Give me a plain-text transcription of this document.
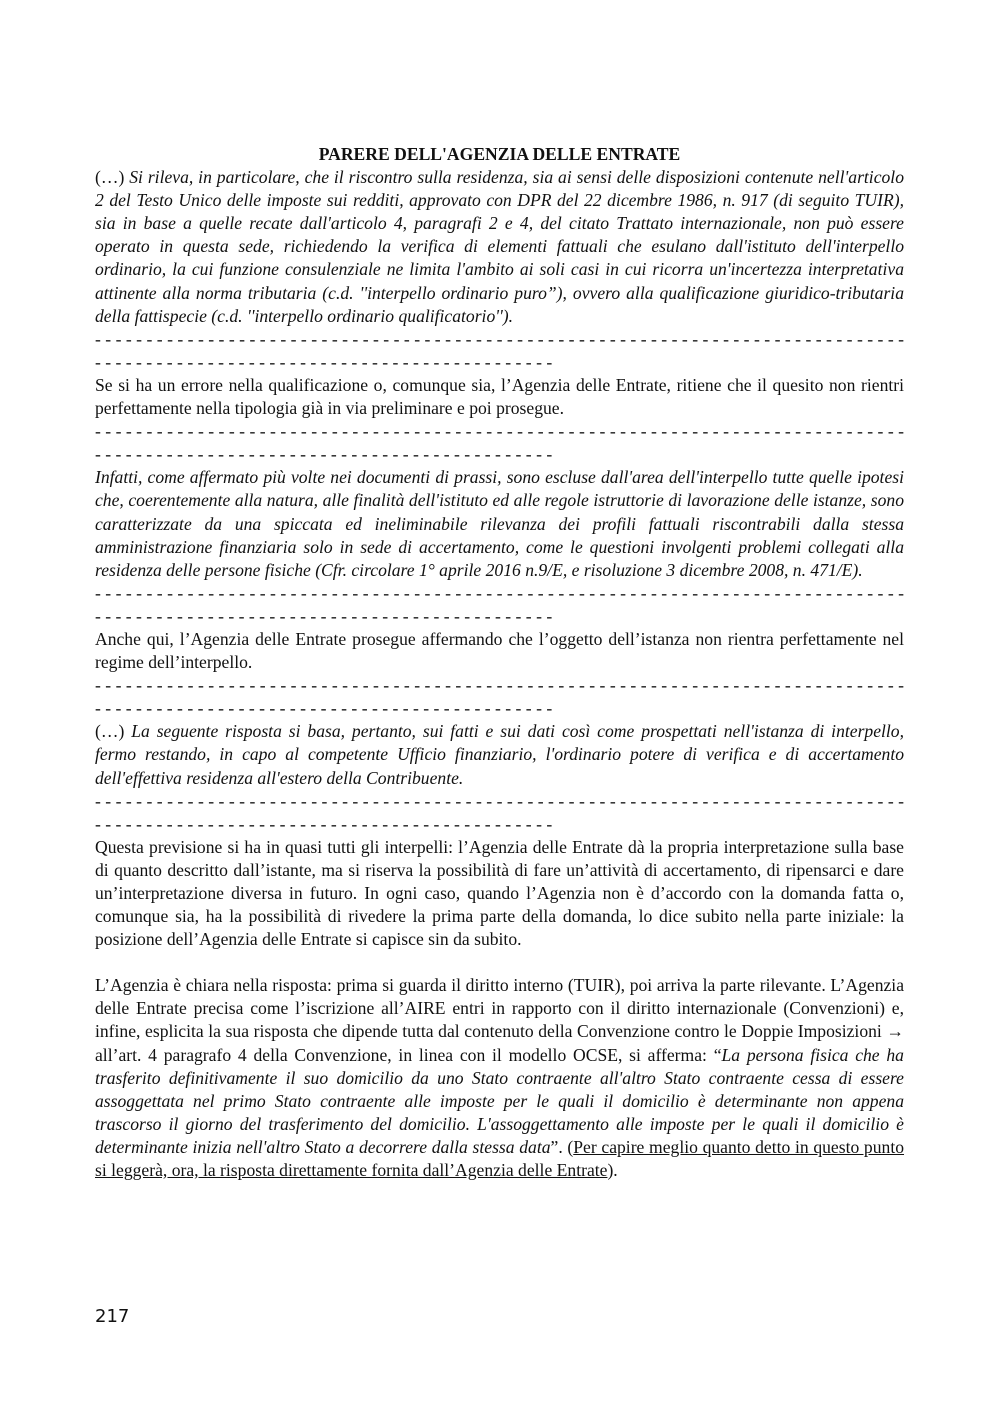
PARERE DELL'AGENZIA DELLE ENTRATE
(…) Si rileva, in particolare, che il riscontro sulla residenza, sia ai sensi delle disposizioni contenute nell'articolo 2 del Testo Unico delle imposte sui redditi, approvato con DPR del 22 dicembre 1986, n. 917 (di seguito TUIR), sia in base a quelle recate dall'articolo 4, paragrafi 2 e 4, del citato Trattato internazionale, non può essere operato in questa sede, richiedendo la verifica di elementi fattuali che esulano dall'istituto dell'interpello ordinario, la cui funzione consulenziale ne limita l'ambito ai soli casi in cui ricorra un'incertezza interpretativa attinente alla norma tributaria (c.d. ''interpello ordinario puro”), ovvero alla qualificazione giuridico-tributaria della fattispecie (c.d. ''interpello ordinario qualificatorio'').
- - - - - - - - - - - - - - - - - - - - - - - - - - - - - - - - - - - - - - - - - - - - - - - - - - - - - - - - - - - - - - - - - - - - - - - - - - - - - - - - - - - - - - - - - - - - - - - - - - - - - - - - - - - - - - - - - - - - - - - - - - - -
Se si ha un errore nella qualificazione o, comunque sia, l’Agenzia delle Entrate, ritiene che il quesito non rientri perfettamente nella tipologia già in via preliminare e poi prosegue.
- - - - - - - - - - - - - - - - - - - - - - - - - - - - - - - - - - - - - - - - - - - - - - - - - - - - - - - - - - - - - - - - - - - - - - - - - - - - - - - - - - - - - - - - - - - - - - - - - - - - - - - - - - - - - - - - - - - - - - - - - - - -
Infatti, come affermato più volte nei documenti di prassi, sono escluse dall'area dell'interpello tutte quelle ipotesi che, coerentemente alla natura, alle finalità dell'istituto ed alle regole istruttorie di lavorazione delle istanze, sono caratterizzate da una spiccata ed ineliminabile rilevanza dei profili fattuali riscontrabili dalla stessa amministrazione finanziaria solo in sede di accertamento, come le questioni involgenti problemi collegati alla residenza delle persone fisiche (Cfr. circolare 1° aprile 2016 n.9/E, e risoluzione 3 dicembre 2008, n. 471/E).
- - - - - - - - - - - - - - - - - - - - - - - - - - - - - - - - - - - - - - - - - - - - - - - - - - - - - - - - - - - - - - - - - - - - - - - - - - - - - - - - - - - - - - - - - - - - - - - - - - - - - - - - - - - - - - - - - - - - - - - - - - - -
Anche qui, l’Agenzia delle Entrate prosegue affermando che l’oggetto dell’istanza non rientra perfettamente nel regime dell’interpello.
- - - - - - - - - - - - - - - - - - - - - - - - - - - - - - - - - - - - - - - - - - - - - - - - - - - - - - - - - - - - - - - - - - - - - - - - - - - - - - - - - - - - - - - - - - - - - - - - - - - - - - - - - - - - - - - - - - - - - - - - - - - -
(…) La seguente risposta si basa, pertanto, sui fatti e sui dati così come prospettati nell'istanza di interpello, fermo restando, in capo al competente Ufficio finanziario, l'ordinario potere di verifica e di accertamento dell'effettiva residenza all'estero della Contribuente.
- - - - - - - - - - - - - - - - - - - - - - - - - - - - - - - - - - - - - - - - - - - - - - - - - - - - - - - - - - - - - - - - - - - - - - - - - - - - - - - - - - - - - - - - - - - - - - - - - - - - - - - - - - - - - - - - - - - - - - - - - - - -
Questa previsione si ha in quasi tutti gli interpelli: l’Agenzia delle Entrate dà la propria interpretazione sulla base di quanto descritto dall’istante, ma si riserva la possibilità di fare un’attività di accertamento, di ripensarci e dare un’interpretazione diversa in futuro. In ogni caso, quando l’Agenzia non è d’accordo con la domanda fatta o, comunque sia, ha la possibilità di rivedere la prima parte della domanda, lo dice subito nella parte iniziale: la posizione dell’Agenzia delle Entrate si capisce sin da subito.
L’Agenzia è chiara nella risposta: prima si guarda il diritto interno (TUIR), poi arriva la parte rilevante. L’Agenzia delle Entrate precisa come l’iscrizione all’AIRE entri in rapporto con il diritto internazionale (Convenzioni) e, infine, esplicita la sua risposta che dipende tutta dal contenuto della Convenzione contro le Doppie Imposizioni → all’art. 4 paragrafo 4 della Convenzione, in linea con il modello OCSE, si afferma: “La persona fisica che ha trasferito definitivamente il suo domicilio da uno Stato contraente all'altro Stato contraente cessa di essere assoggettata nel primo Stato contraente alle imposte per le quali il domicilio è determinante non appena trascorso il giorno del trasferimento del domicilio. L'assoggettamento alle imposte per le quali il domicilio è determinante inizia nell'altro Stato a decorrere dalla stessa data”. (Per capire meglio quanto detto in questo punto si leggerà, ora, la risposta direttamente fornita dall’Agenzia delle Entrate).
217
